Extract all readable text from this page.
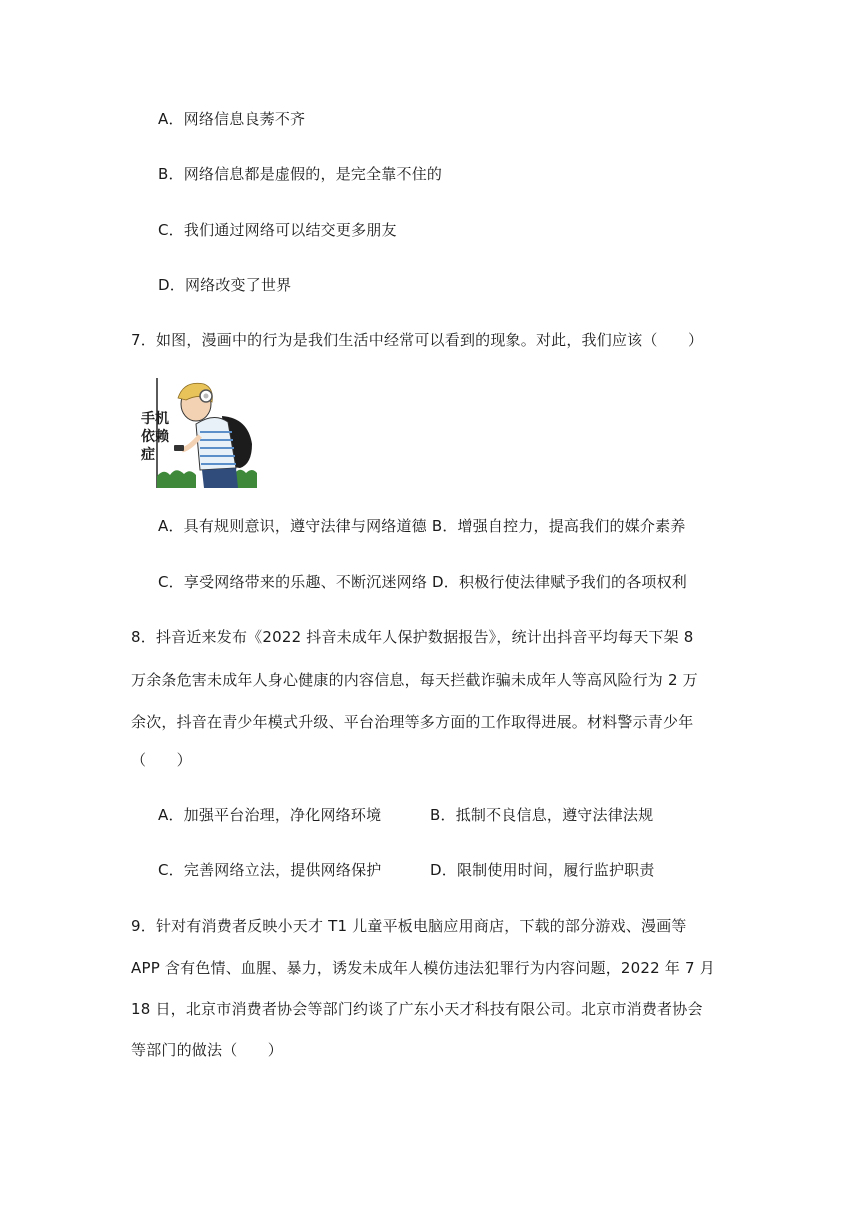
A．网络信息良莠不齐
B．网络信息都是虚假的，是完全靠不住的
C．我们通过网络可以结交更多朋友
D．网络改变了世界
7．如图，漫画中的行为是我们生活中经常可以看到的现象。对此，我们应该（　　）
手机
依赖
症
A．具有规则意识，遵守法律与网络道德 B．增强自控力，提高我们的媒介素养
C．享受网络带来的乐趣、不断沉迷网络 D．积极行使法律赋予我们的各项权利
8．抖音近来发布《2022 抖音未成年人保护数据报告》，统计出抖音平均每天下架 8
万余条危害未成年人身心健康的内容信息，每天拦截诈骗未成年人等高风险行为 2 万
余次，抖音在青少年模式升级、平台治理等多方面的工作取得进展。材料警示青少年
（　　）
A．加强平台治理，净化网络环境	B．抵制不良信息，遵守法律法规
C．完善网络立法，提供网络保护	D．限制使用时间，履行监护职责
9．针对有消费者反映小天才 T1 儿童平板电脑应用商店，下载的部分游戏、漫画等
APP 含有色情、血腥、暴力，诱发未成年人模仿违法犯罪行为内容问题，2022 年 7 月
18 日，北京市消费者协会等部门约谈了广东小天才科技有限公司。北京市消费者协会
等部门的做法（　　）
